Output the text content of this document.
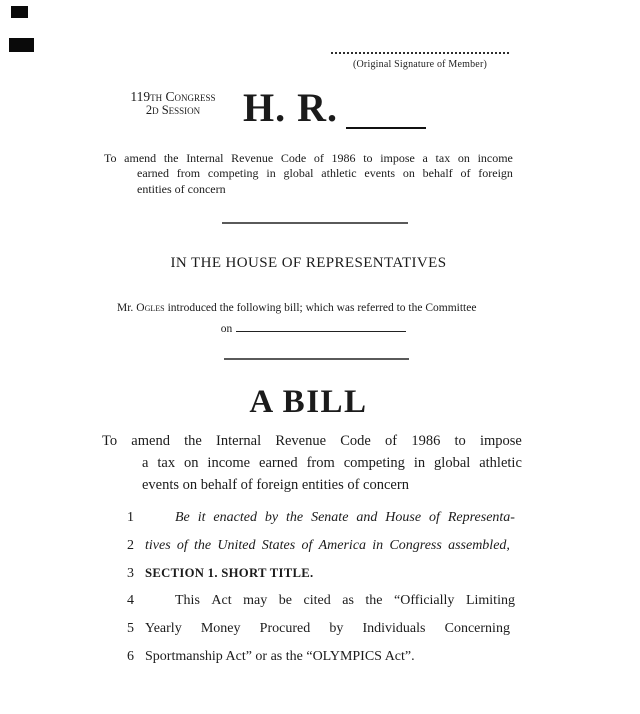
(Original Signature of Member)
119th Congress
2d Session	H. R.
To amend the Internal Revenue Code of 1986 to impose a tax on income
earned from competing in global athletic events on behalf of foreign
entities of concern
IN THE HOUSE OF REPRESENTATIVES
Mr. Ogles introduced the following bill; which was referred to the Committee
on
A BILL
To amend the Internal Revenue Code of 1986 to impose
a tax on income earned from competing in global athletic
events on behalf of foreign entities of concern
1	Be it enacted by the Senate and House of Representa-
2 tives of the United States of America in Congress assembled,
3 SECTION 1. SHORT TITLE.
4	This Act may be cited as the “Officially Limiting
5 Yearly Money Procured by Individuals Concerning
6 Sportmanship Act” or as the “OLYMPICS Act”.
